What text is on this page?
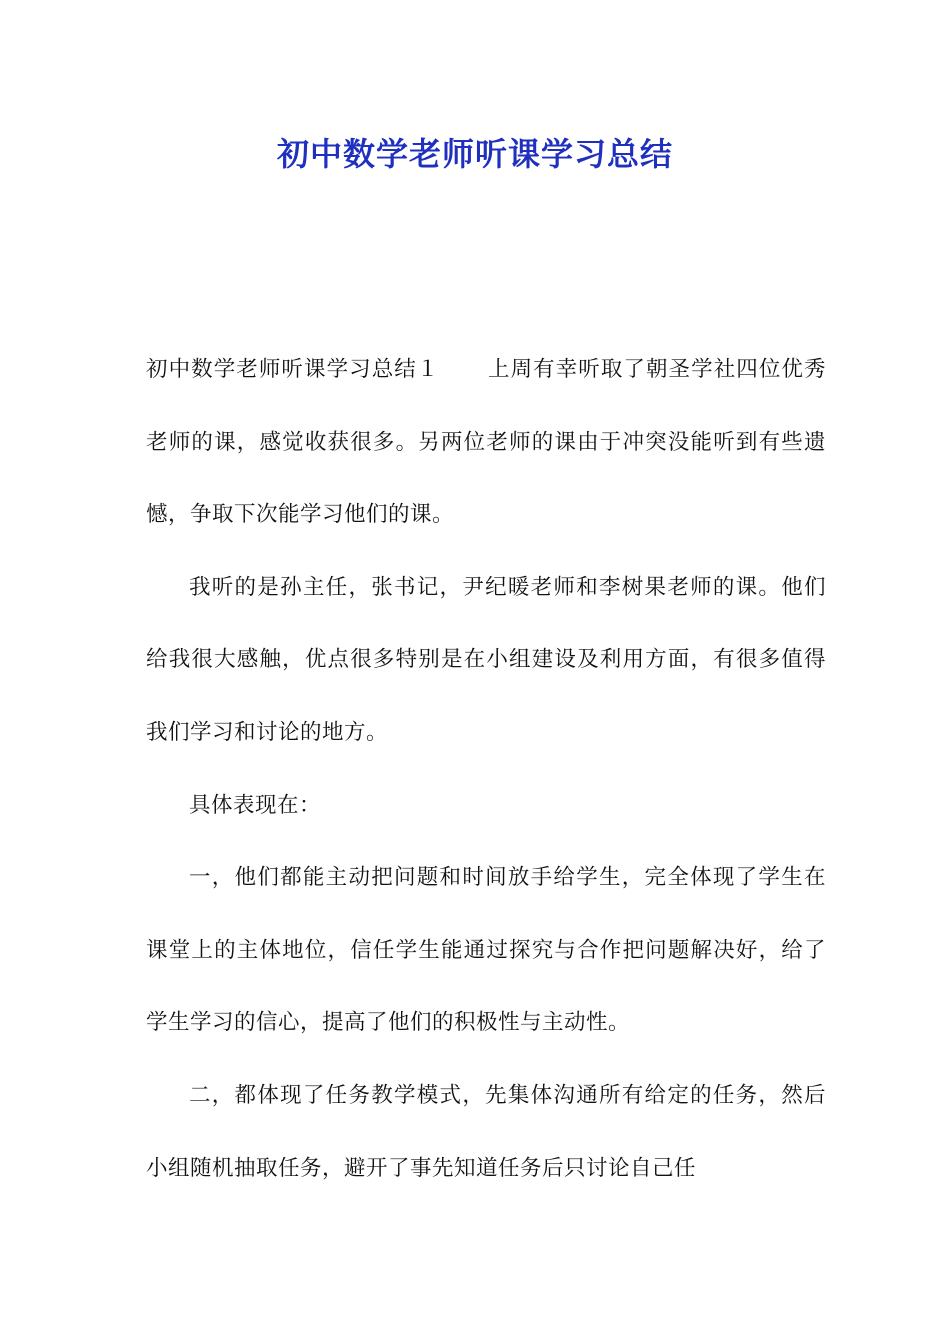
初中数学老师听课学习总结

初中数学老师听课学习总结１ 上周有幸听取了朝圣学社四位优秀老师的课，感觉收获很多。另两位老师的课由于冲突没能听到有些遗憾，争取下次能学习他们的课。

我听的是孙主任，张书记，尹纪暖老师和李树果老师的课。他们给我很大感触，优点很多特别是在小组建设及利用方面，有很多值得我们学习和讨论的地方。

具体表现在：

一，他们都能主动把问题和时间放手给学生，完全体现了学生在课堂上的主体地位，信任学生能通过探究与合作把问题解决好，给了学生学习的信心，提高了他们的积极性与主动性。

二，都体现了任务教学模式，先集体沟通所有给定的任务，然后小组随机抽取任务，避开了事先知道任务后只讨论自己任
